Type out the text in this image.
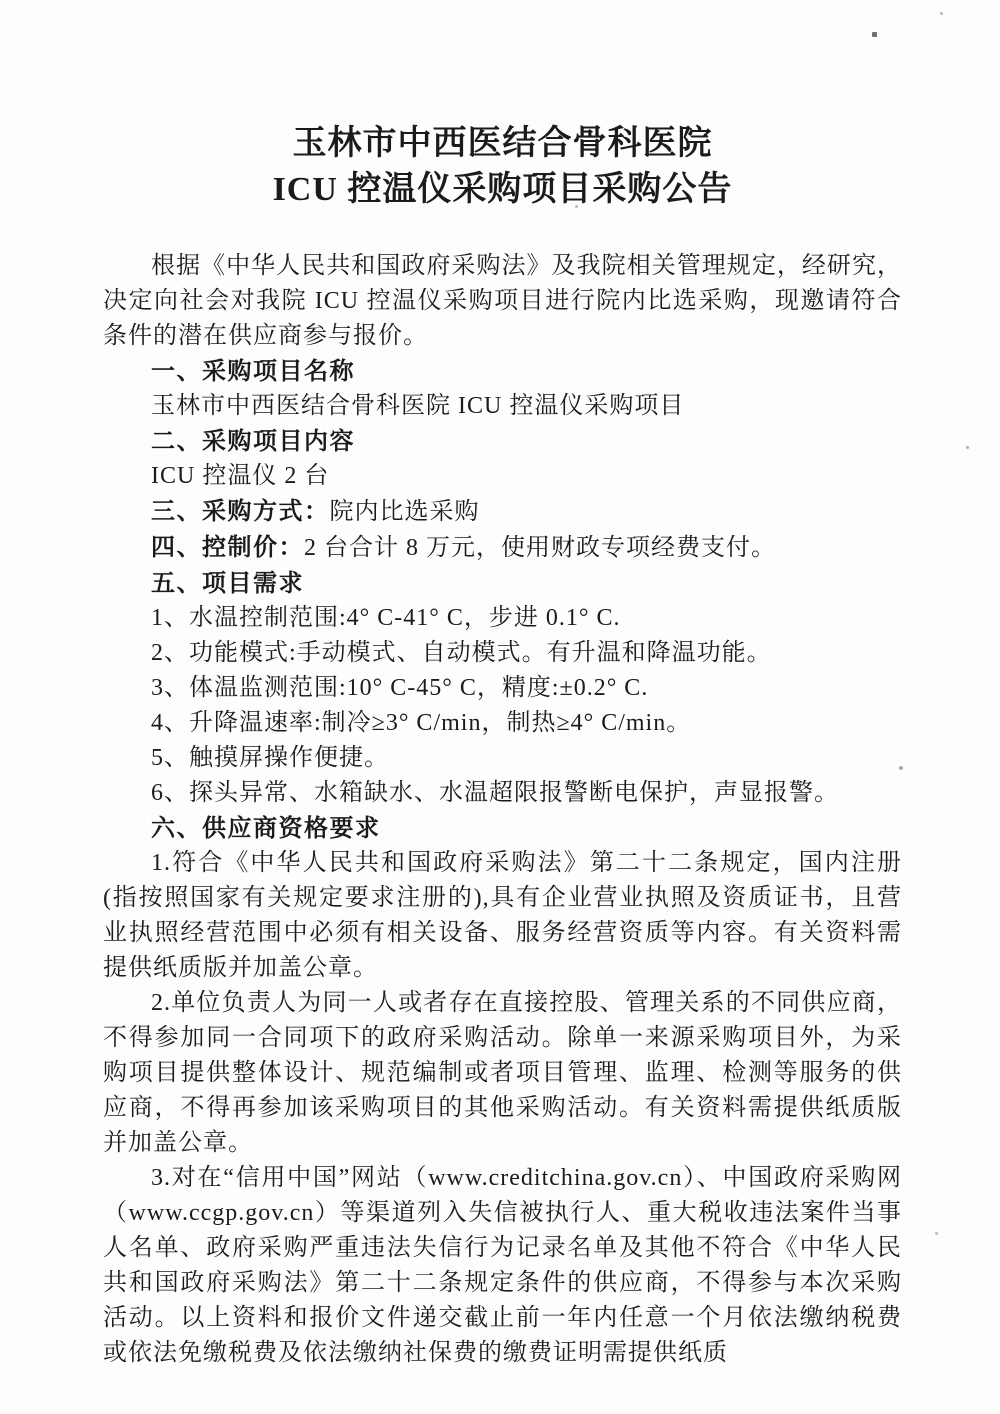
玉林市中西医结合骨科医院
ICU 控温仪采购项目采购公告

根据《中华人民共和国政府采购法》及我院相关管理规定，经研究，决定向社会对我院 ICU 控温仪采购项目进行院内比选采购，现邀请符合条件的潜在供应商参与报价。

一、采购项目名称

玉林市中西医结合骨科医院 ICU 控温仪采购项目

二、采购项目内容

ICU 控温仪 2 台

三、采购方式：院内比选采购

四、控制价：2 台合计 8 万元，使用财政专项经费支付。

五、项目需求

1、水温控制范围:4° C-41° C，步进 0.1° C.

2、功能模式:手动模式、自动模式。有升温和降温功能。

3、体温监测范围:10° C-45° C，精度:±0.2° C.

4、升降温速率:制冷≥3° C/min，制热≥4° C/min。

5、触摸屏操作便捷。

6、探头异常、水箱缺水、水温超限报警断电保护，声显报警。

六、供应商资格要求

1.符合《中华人民共和国政府采购法》第二十二条规定，国内注册(指按照国家有关规定要求注册的),具有企业营业执照及资质证书，且营业执照经营范围中必须有相关设备、服务经营资质等内容。有关资料需提供纸质版并加盖公章。

2.单位负责人为同一人或者存在直接控股、管理关系的不同供应商，不得参加同一合同项下的政府采购活动。除单一来源采购项目外，为采购项目提供整体设计、规范编制或者项目管理、监理、检测等服务的供应商，不得再参加该采购项目的其他采购活动。有关资料需提供纸质版并加盖公章。

3.对在“信用中国”网站（www.creditchina.gov.cn）、中国政府采购网（www.ccgp.gov.cn）等渠道列入失信被执行人、重大税收违法案件当事人名单、政府采购严重违法失信行为记录名单及其他不符合《中华人民共和国政府采购法》第二十二条规定条件的供应商，不得参与本次采购活动。以上资料和报价文件递交截止前一年内任意一个月依法缴纳税费或依法免缴税费及依法缴纳社保费的缴费证明需提供纸质
